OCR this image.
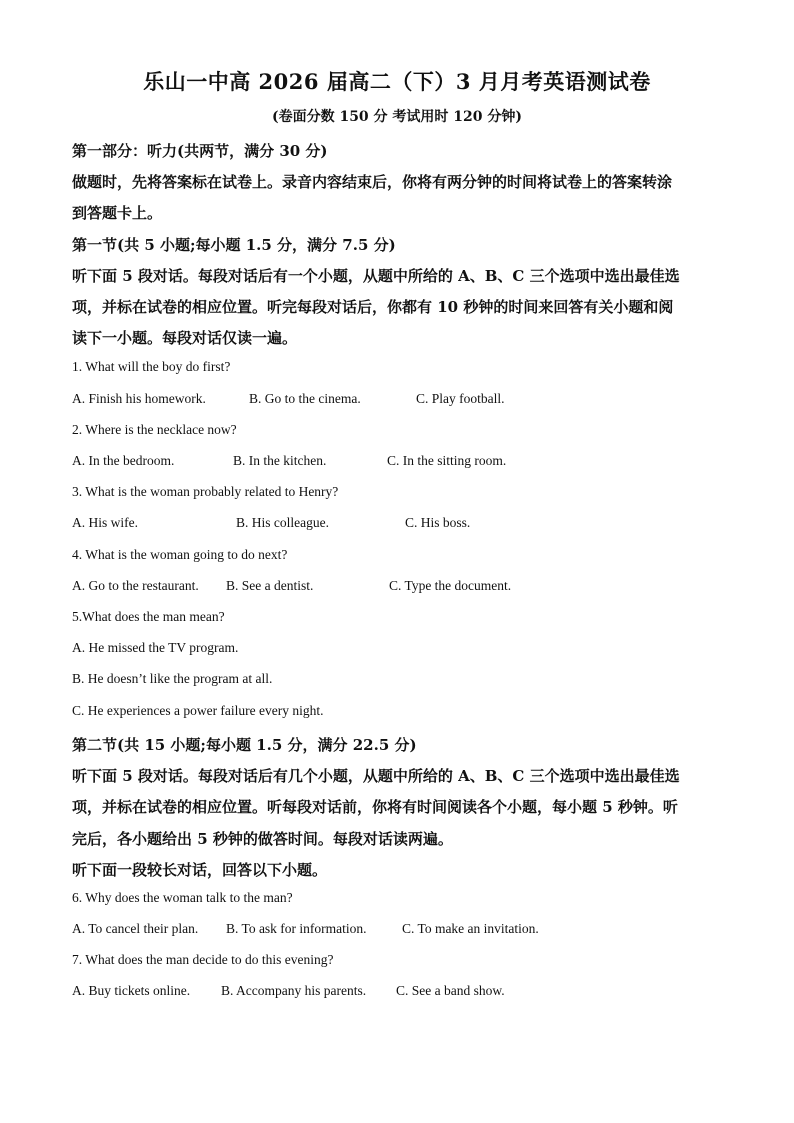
乐山一中高 2026 届高二（下）3 月月考英语测试卷
(卷面分数 150 分 考试用时 120 分钟)
第一部分：听力(共两节，满分 30 分)
做题时，先将答案标在试卷上。录音内容结束后，你将有两分钟的时间将试卷上的答案转涂
到答题卡上。
第一节(共 5 小题;每小题 1.5 分，满分 7.5 分)
听下面 5 段对话。每段对话后有一个小题，从题中所给的 A、B、C 三个选项中选出最佳选
项，并标在试卷的相应位置。听完每段对话后，你都有 10 秒钟的时间来回答有关小题和阅
读下一小题。每段对话仅读一遍。
1. What will the boy do first?
A. Finish his homework.	B. Go to the cinema.	C. Play football.
2. Where is the necklace now?
A. In the bedroom.	B. In the kitchen.	C. In the sitting room.
3. What is the woman probably related to Henry?
A. His wife.	B. His colleague.	C. His boss.
4. What is the woman going to do next?
A. Go to the restaurant. B. See a dentist.	C. Type the document.
5.What does the man mean?
A. He missed the TV program.
B. He doesn’t like the program at all.
C. He experiences a power failure every night.
第二节(共 15 小题;每小题 1.5 分，满分 22.5 分)
听下面 5 段对话。每段对话后有几个小题，从题中所给的 A、B、C 三个选项中选出最佳选
项，并标在试卷的相应位置。听每段对话前，你将有时间阅读各个小题，每小题 5 秒钟。听
完后，各小题给出 5 秒钟的做答时间。每段对话读两遍。
听下面一段较长对话，回答以下小题。
6. Why does the woman talk to the man?
A. To cancel their plan. B. To ask for information.	C. To make an invitation.
7. What does the man decide to do this evening?
A. Buy tickets online. B. Accompany his parents. C. See a band show.
